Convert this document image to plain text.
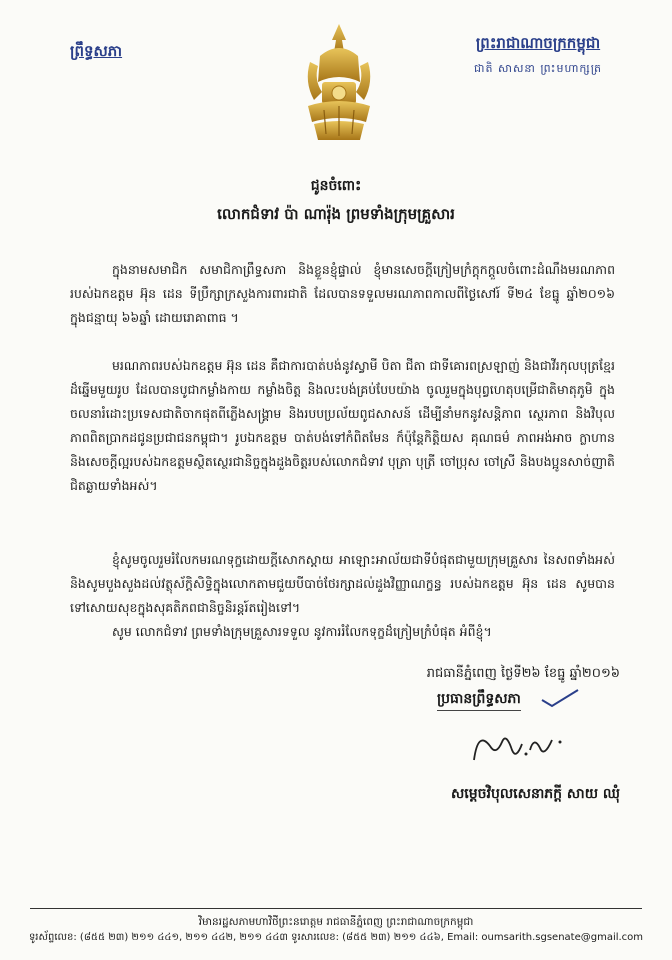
ព្រឹទ្ធសភា	ព្រះរាជាណាចក្រកម្ពុជា
ជាតិ សាសនា ព្រះមហាក្សត្រ
ជូនចំពោះ
លោកជំទាវ ប៉ា ណារ៉ុង ព្រមទាំងក្រុមគ្រួសារ

ក្នុងនាមសមាជិក សមាជិកាព្រឹទ្ធសភា និងខ្លួនខ្ញុំផ្ទាល់ ខ្ញុំមានសេចក្តីក្រៀមក្រំក្តុកក្តួលចំពោះដំណឹងមរណភាពរបស់ឯកឧត្តម អ៊ុន ដេន ទីប្រឹក្សាក្រសួងការពារជាតិ ដែលបានទទួលមរណភាពកាលពីថ្ងៃសៅរ៍ ទី២៤ ខែធ្នូ ឆ្នាំ២០១៦ ក្នុងជន្មាយុ ៦៦ឆ្នាំ ដោយរោគាពាធ ។

មរណភាពរបស់ឯកឧត្តម អ៊ុន ដេន គឺជាការបាត់បង់នូវស្វាមី បិតា ជីតា ជាទីគោរពស្រឡាញ់ និងជាវីរកុលបុត្រខ្មែរដ៏ឆ្នើមមួយរូប ដែលបានបូជាកម្លាំងកាយ កម្លាំងចិត្ត និងលះបង់គ្រប់បែបយ៉ាង ចូលរួមក្នុងបុព្វហេតុបម្រើជាតិមាតុភូមិ ក្នុងចលនារំដោះប្រទេសជាតិចាកផុតពីភ្លើងសង្គ្រាម និងរបបប្រល័យពូជសាសន៍ ដើម្បីនាំមកនូវសន្តិភាព ស្ថេរភាព និងវិបុលភាពពិតប្រាកដជូនប្រជាជនកម្ពុជា។ រូបឯកឧត្តម បាត់បង់ទៅកំពិតមែន ក៏ប៉ុន្តែកិត្តិយស គុណធម៌ ភាពអង់អាច ក្លាហាន និងសេចក្តីល្អរបស់ឯកឧត្តមស្ថិតស្ថេរជានិច្ចក្នុងដួងចិត្តរបស់លោកជំទាវ បុត្រា បុត្រី ចៅប្រុស ចៅស្រី និងបងប្អូនសាច់ញាតិជិតឆ្ងាយទាំងអស់។

ខ្ញុំសូមចូលរួមរំលែកមរណទុក្ខដោយក្តីសោកស្តាយ អាឡោះអាល័យជាទីបំផុតជាមួយក្រុមគ្រួសារ នៃសពទាំងអស់ និងសូមបួងសួងដល់វត្ថុស័ក្តិសិទ្ធិក្នុងលោកតាមជួយបីបាច់ថែរក្សាដល់ដួងវិញ្ញាណក្ខន្ធ របស់ឯកឧត្តម អ៊ុន ដេន សូមបានទៅសោយសុខក្នុងសុគតិភពជានិច្ចនិរន្តរ៍តរៀងទៅ។

សូម លោកជំទាវ ព្រមទាំងក្រុមគ្រួសារទទួល នូវការរំលែកទុក្ខដ៏ក្រៀមក្រំបំផុត អំពីខ្ញុំ។

រាជធានីភ្នំពេញ ថ្ងៃទី២៦ ខែធ្នូ ឆ្នាំ២០១៦
ប្រធានព្រឹទ្ធសភា
សម្តេចវិបុលសេនាភក្តី សាយ ឈុំ
វិមានរដ្ឋសភាមហាវិថីព្រះនរោត្តម រាជធានីភ្នំពេញ ព្រះរាជាណាចក្រកម្ពុជា
ទូរស័ព្ទលេខ: (៨៥៥ ២៣) ២១១ ៤៤១, ២១១ ៤៤២, ២១១ ៤៤៣ ទូរសារលេខ: (៨៥៥ ២៣) ២១១ ៤៤៦, Email: oumsarith.sgsenate@gmail.com
